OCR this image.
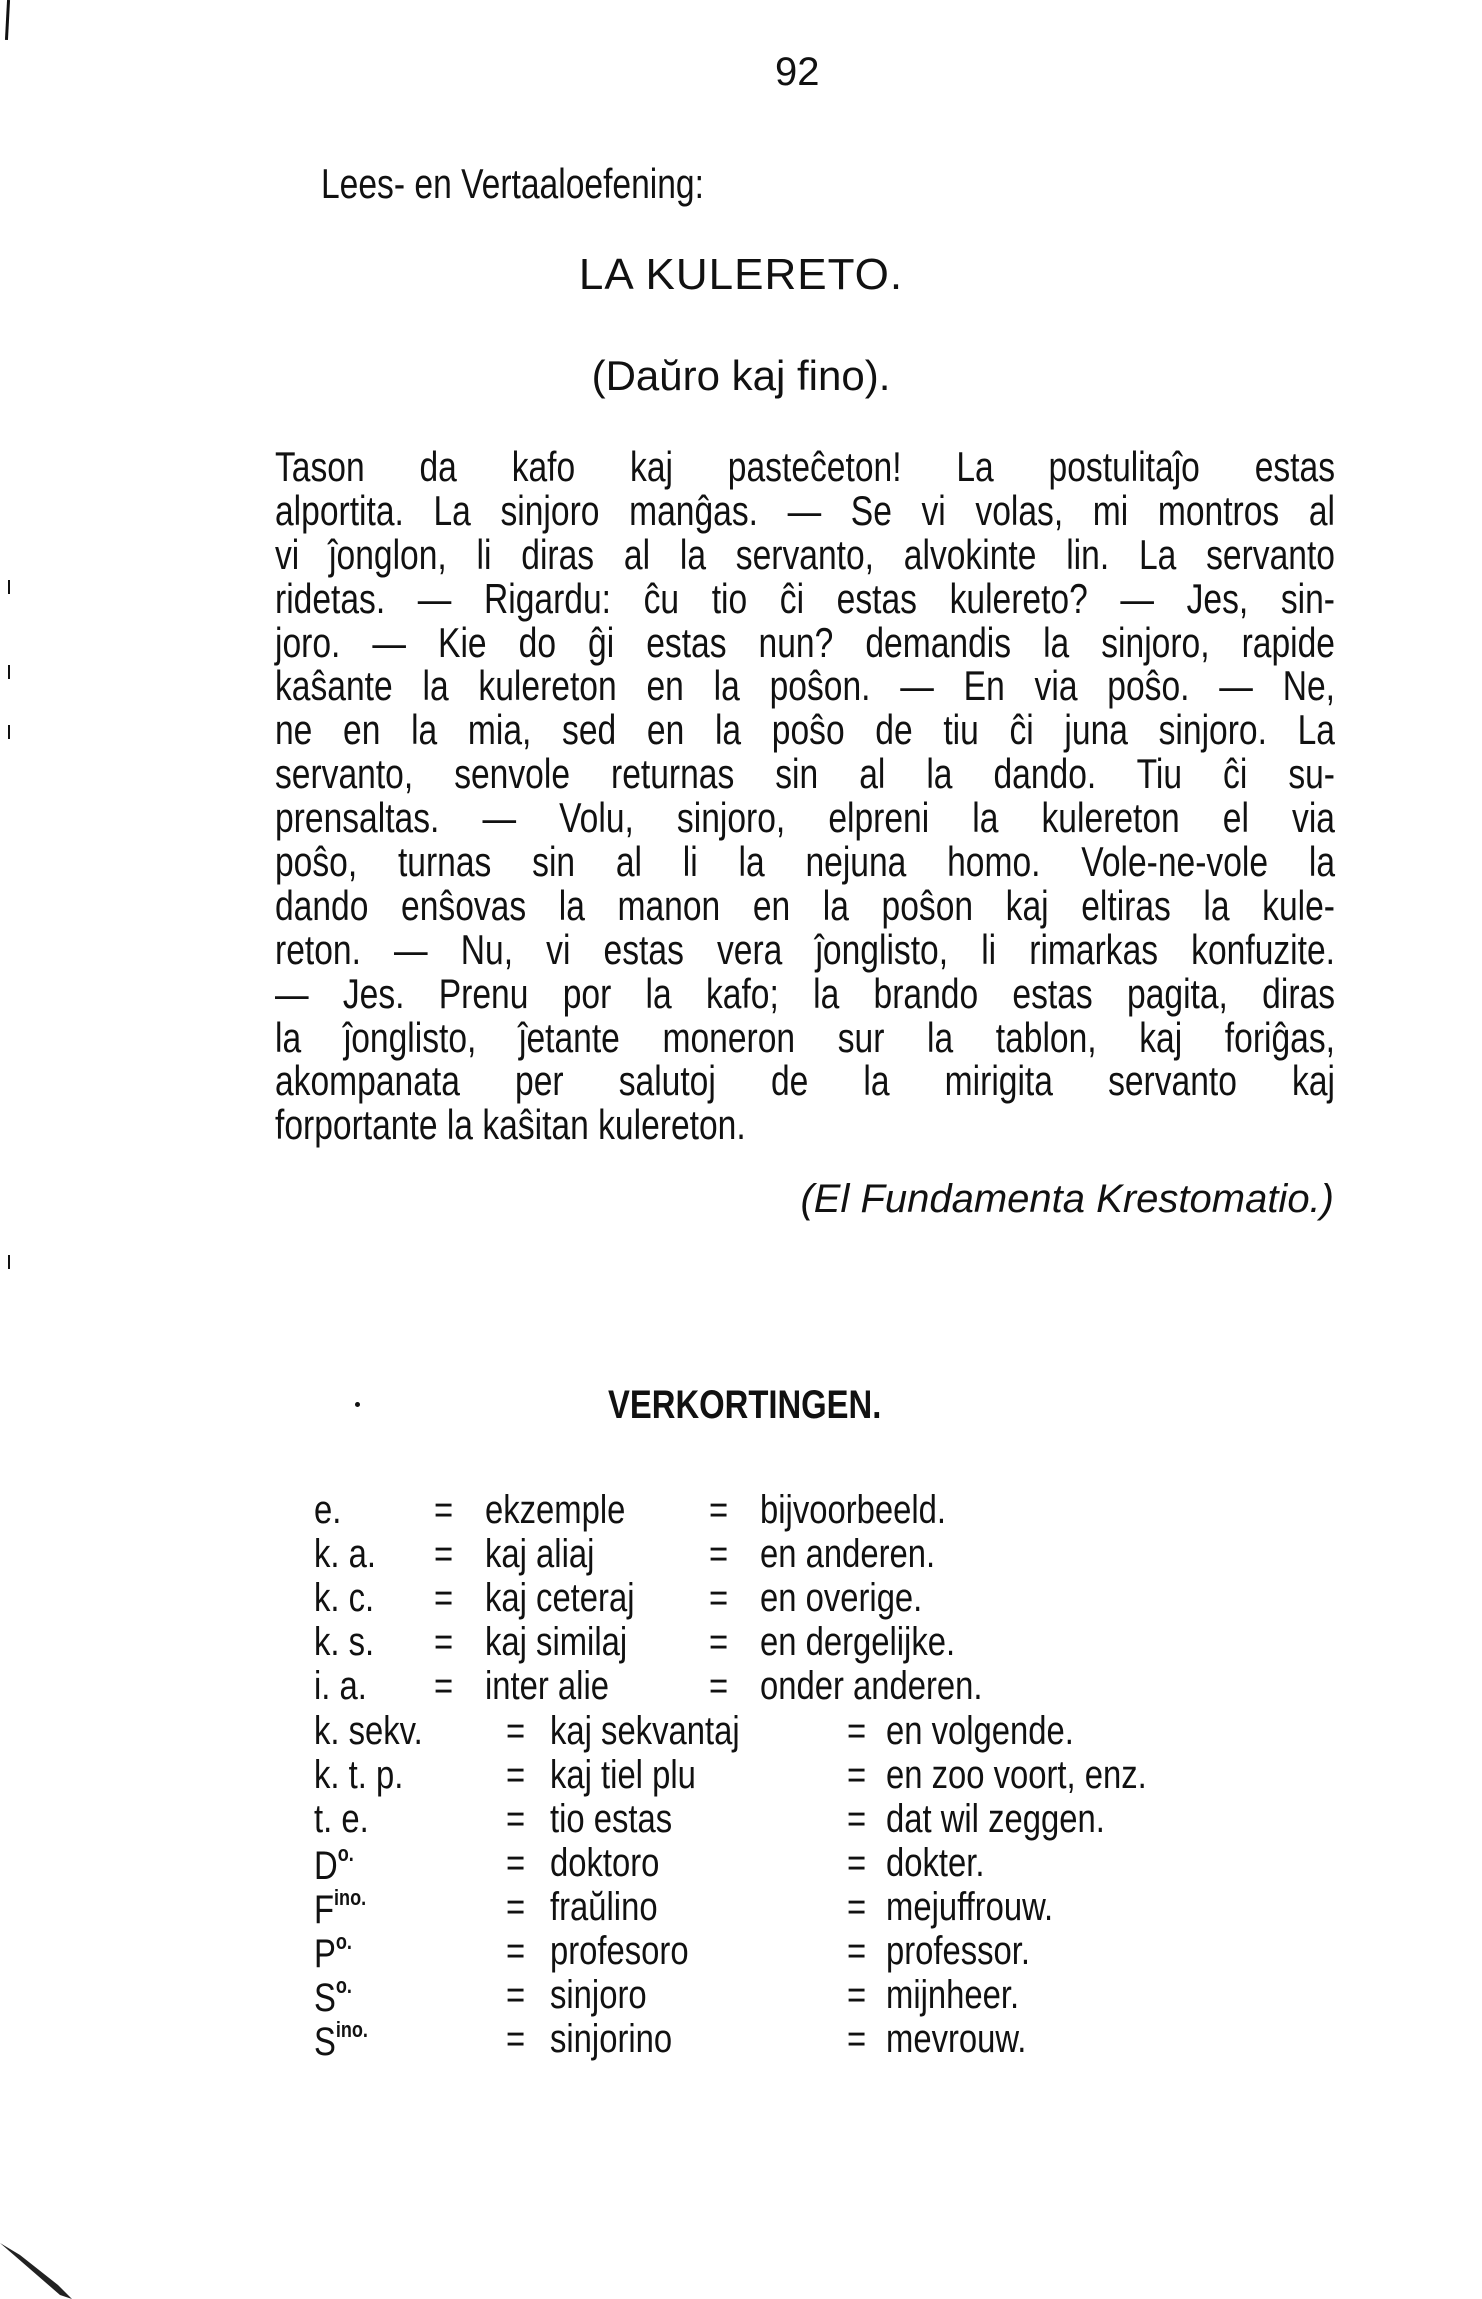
92
Lees- en Vertaaloefening:
LA KULERETO.
(Daŭro kaj fino).
Tason da kafo kaj pasteĉeton! La postulitaĵo estas
alportita. La sinjoro manĝas. — Se vi volas, mi montros al
vi ĵonglon, li diras al la servanto, alvokinte lin. La servanto
ridetas. — Rigardu: ĉu tio ĉi estas kulereto? — Jes, sin-
joro. — Kie do ĝi estas nun? demandis la sinjoro, rapide
kaŝante la kulereton en la poŝon. — En via poŝo. — Ne,
ne en la mia, sed en la poŝo de tiu ĉi juna sinjoro. La
servanto, senvole returnas sin al la dando. Tiu ĉi su-
prensaltas. — Volu, sinjoro, elpreni la kulereton el via
poŝo, turnas sin al li la nejuna homo. Vole-ne-vole la
dando enŝovas la manon en la poŝon kaj eltiras la kule-
reton. — Nu, vi estas vera ĵonglisto, li rimarkas konfuzite.
— Jes. Prenu por la kafo; la brando estas pagita, diras
la ĵonglisto, ĵetante moneron sur la tablon, kaj foriĝas,
akompanata per salutoj de la mirigita servanto kaj
forportante la kaŝitan kulereton.
(El Fundamenta Krestomatio.)
VERKORTINGEN.
e. = ekzemple = bijvoorbeeld.
k. a. = kaj aliaj	= en anderen.
k. c. = kaj ceteraj = en overige.
k. s. = kaj similaj = en dergelijke.
i. a. = inter alie	= onder anderen.
k. sekv. = kaj sekvantaj	= en volgende.
k. t. p.	= kaj tiel plu	= en zoo voort, enz.
t. e.	= tio estas	= dat wil zeggen.
$D^{o.}$	= doktoro	= dokter.
$F^{ino.}$	= fraŭlino	= mejuffrouw.
$P^{o.}$	= profesoro	= professor.
$S^{o.}$	= sinjoro	= mijnheer.
$S^{ino.}$	= sinjorino	= mevrouw.
